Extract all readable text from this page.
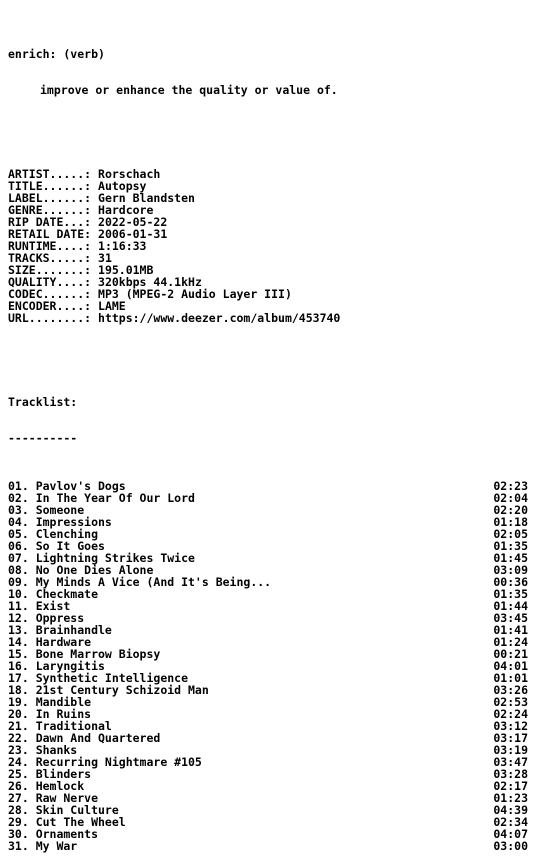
enrich: (verb)

improve or enhance the quality or value of.

ARTIST.....: Rorschach
TITLE......: Autopsy
LABEL......: Gern Blandsten
GENRE......: Hardcore
RIP DATE...: 2022-05-22
RETAIL DATE: 2006-01-31
RUNTIME....: 1:16:33
TRACKS.....: 31
SIZE.......: 195.01MB
QUALITY....: 320kbps 44.1kHz
CODEC......: MP3 (MPEG-2 Audio Layer III)
ENCODER....: LAME
URL........: https://www.deezer.com/album/453740

Tracklist:

----------

01. Pavlov's Dogs	02:23
02. In The Year Of Our Lord	02:04
03. Someone	02:20
04. Impressions	01:18
05. Clenching	02:05
06. So It Goes	01:35
07. Lightning Strikes Twice	01:45
08. No One Dies Alone	03:09
09. My Minds A Vice (And It's Being...	00:36
10. Checkmate	01:35
11. Exist	01:44
12. Oppress	03:45
13. Brainhandle	01:41
14. Hardware	01:24
15. Bone Marrow Biopsy	00:21
16. Laryngitis	04:01
17. Synthetic Intelligence	01:01
18. 21st Century Schizoid Man	03:26
19. Mandible	02:53
20. In Ruins	02:24
21. Traditional	03:12
22. Dawn And Quartered	03:17
23. Shanks	03:19
24. Recurring Nightmare #105	03:47
25. Blinders	03:28
26. Hemlock	02:17
27. Raw Nerve	01:23
28. Skin Culture	04:39
29. Cut The Wheel	02:34
30. Ornaments	04:07
31. My War	03:00
